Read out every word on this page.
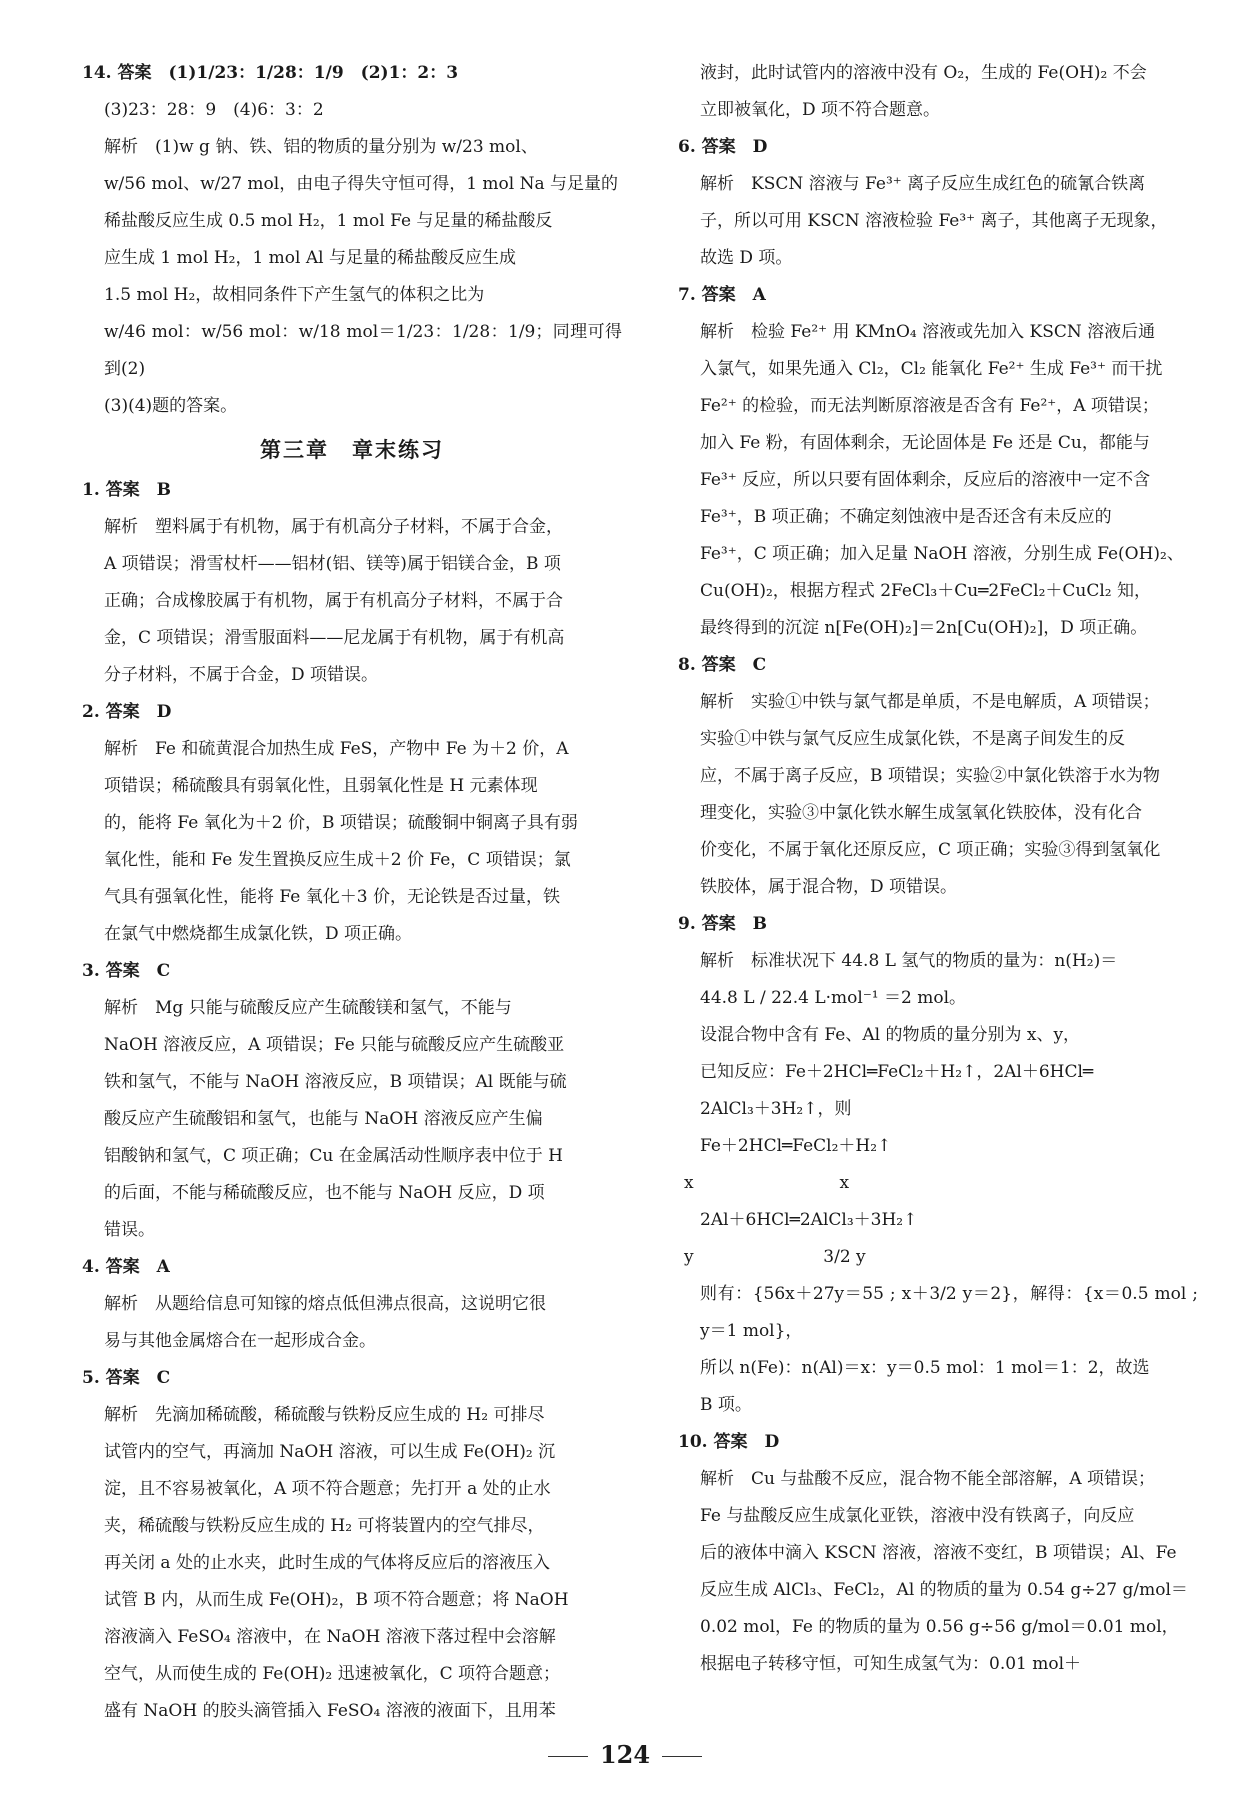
14. 答案　(1)1/23：1/28：1/9　(2)1：2：3

(3)23：28：9　(4)6：3：2

解析　(1)w g 钠、铁、铝的物质的量分别为 w/23 mol、

w/56 mol、w/27 mol，由电子得失守恒可得，1 mol Na 与足量的

稀盐酸反应生成 0.5 mol H₂，1 mol Fe 与足量的稀盐酸反

应生成 1 mol H₂，1 mol Al 与足量的稀盐酸反应生成

1.5 mol H₂，故相同条件下产生氢气的体积之比为

w/46 mol：w/56 mol：w/18 mol＝1/23：1/28：1/9；同理可得到(2)

(3)(4)题的答案。

第三章　章末练习

1. 答案　B

解析　塑料属于有机物，属于有机高分子材料，不属于合金，

A 项错误；滑雪杖杆——铝材(铝、镁等)属于铝镁合金，B 项

正确；合成橡胶属于有机物，属于有机高分子材料，不属于合

金，C 项错误；滑雪服面料——尼龙属于有机物，属于有机高

分子材料，不属于合金，D 项错误。

2. 答案　D

解析　Fe 和硫黄混合加热生成 FeS，产物中 Fe 为＋2 价，A

项错误；稀硫酸具有弱氧化性，且弱氧化性是 H 元素体现

的，能将 Fe 氧化为＋2 价，B 项错误；硫酸铜中铜离子具有弱

氧化性，能和 Fe 发生置换反应生成＋2 价 Fe，C 项错误；氯

气具有强氧化性，能将 Fe 氧化＋3 价，无论铁是否过量，铁

在氯气中燃烧都生成氯化铁，D 项正确。

3. 答案　C

解析　Mg 只能与硫酸反应产生硫酸镁和氢气，不能与

NaOH 溶液反应，A 项错误；Fe 只能与硫酸反应产生硫酸亚

铁和氢气，不能与 NaOH 溶液反应，B 项错误；Al 既能与硫

酸反应产生硫酸铝和氢气，也能与 NaOH 溶液反应产生偏

铝酸钠和氢气，C 项正确；Cu 在金属活动性顺序表中位于 H

的后面，不能与稀硫酸反应，也不能与 NaOH 反应，D 项

错误。

4. 答案　A

解析　从题给信息可知镓的熔点低但沸点很高，这说明它很

易与其他金属熔合在一起形成合金。

5. 答案　C

解析　先滴加稀硫酸，稀硫酸与铁粉反应生成的 H₂ 可排尽

试管内的空气，再滴加 NaOH 溶液，可以生成 Fe(OH)₂ 沉

淀，且不容易被氧化，A 项不符合题意；先打开 a 处的止水

夹，稀硫酸与铁粉反应生成的 H₂ 可将装置内的空气排尽，

再关闭 a 处的止水夹，此时生成的气体将反应后的溶液压入

试管 B 内，从而生成 Fe(OH)₂，B 项不符合题意；将 NaOH

溶液滴入 FeSO₄ 溶液中，在 NaOH 溶液下落过程中会溶解

空气，从而使生成的 Fe(OH)₂ 迅速被氧化，C 项符合题意；

盛有 NaOH 的胶头滴管插入 FeSO₄ 溶液的液面下，且用苯

液封，此时试管内的溶液中没有 O₂，生成的 Fe(OH)₂ 不会

立即被氧化，D 项不符合题意。

6. 答案　D

解析　KSCN 溶液与 Fe³⁺ 离子反应生成红色的硫氰合铁离

子，所以可用 KSCN 溶液检验 Fe³⁺ 离子，其他离子无现象，

故选 D 项。

7. 答案　A

解析　检验 Fe²⁺ 用 KMnO₄ 溶液或先加入 KSCN 溶液后通

入氯气，如果先通入 Cl₂，Cl₂ 能氧化 Fe²⁺ 生成 Fe³⁺ 而干扰

Fe²⁺ 的检验，而无法判断原溶液是否含有 Fe²⁺，A 项错误；

加入 Fe 粉，有固体剩余，无论固体是 Fe 还是 Cu，都能与

Fe³⁺ 反应，所以只要有固体剩余，反应后的溶液中一定不含

Fe³⁺，B 项正确；不确定刻蚀液中是否还含有未反应的

Fe³⁺，C 项正确；加入足量 NaOH 溶液，分别生成 Fe(OH)₂、

Cu(OH)₂，根据方程式 2FeCl₃＋Cu═2FeCl₂＋CuCl₂ 知，

最终得到的沉淀 n[Fe(OH)₂]＝2n[Cu(OH)₂]，D 项正确。

8. 答案　C

解析　实验①中铁与氯气都是单质，不是电解质，A 项错误；

实验①中铁与氯气反应生成氯化铁，不是离子间发生的反

应，不属于离子反应，B 项错误；实验②中氯化铁溶于水为物

理变化，实验③中氯化铁水解生成氢氧化铁胶体，没有化合

价变化，不属于氧化还原反应，C 项正确；实验③得到氢氧化

铁胶体，属于混合物，D 项错误。

9. 答案　B

解析　标准状况下 44.8 L 氢气的物质的量为：n(H₂)＝

44.8 L / 22.4 L·mol⁻¹ ＝2 mol。

设混合物中含有 Fe、Al 的物质的量分别为 x、y，

已知反应：Fe＋2HCl═FeCl₂＋H₂↑，2Al＋6HCl═

2AlCl₃＋3H₂↑，则

Fe＋2HCl═FeCl₂＋H₂↑

x                           x

2Al＋6HCl═2AlCl₃＋3H₂↑

y                        3/2 y

则有：{56x＋27y＝55 ; x＋3/2 y＝2}，解得：{x＝0.5 mol ; y＝1 mol}，

所以 n(Fe)：n(Al)＝x：y＝0.5 mol：1 mol＝1：2，故选

B 项。

10. 答案　D

解析　Cu 与盐酸不反应，混合物不能全部溶解，A 项错误；

Fe 与盐酸反应生成氯化亚铁，溶液中没有铁离子，向反应

后的液体中滴入 KSCN 溶液，溶液不变红，B 项错误；Al、Fe

反应生成 AlCl₃、FeCl₂，Al 的物质的量为 0.54 g÷27 g/mol＝

0.02 mol，Fe 的物质的量为 0.56 g÷56 g/mol＝0.01 mol，

根据电子转移守恒，可知生成氢气为：0.01 mol＋

124
